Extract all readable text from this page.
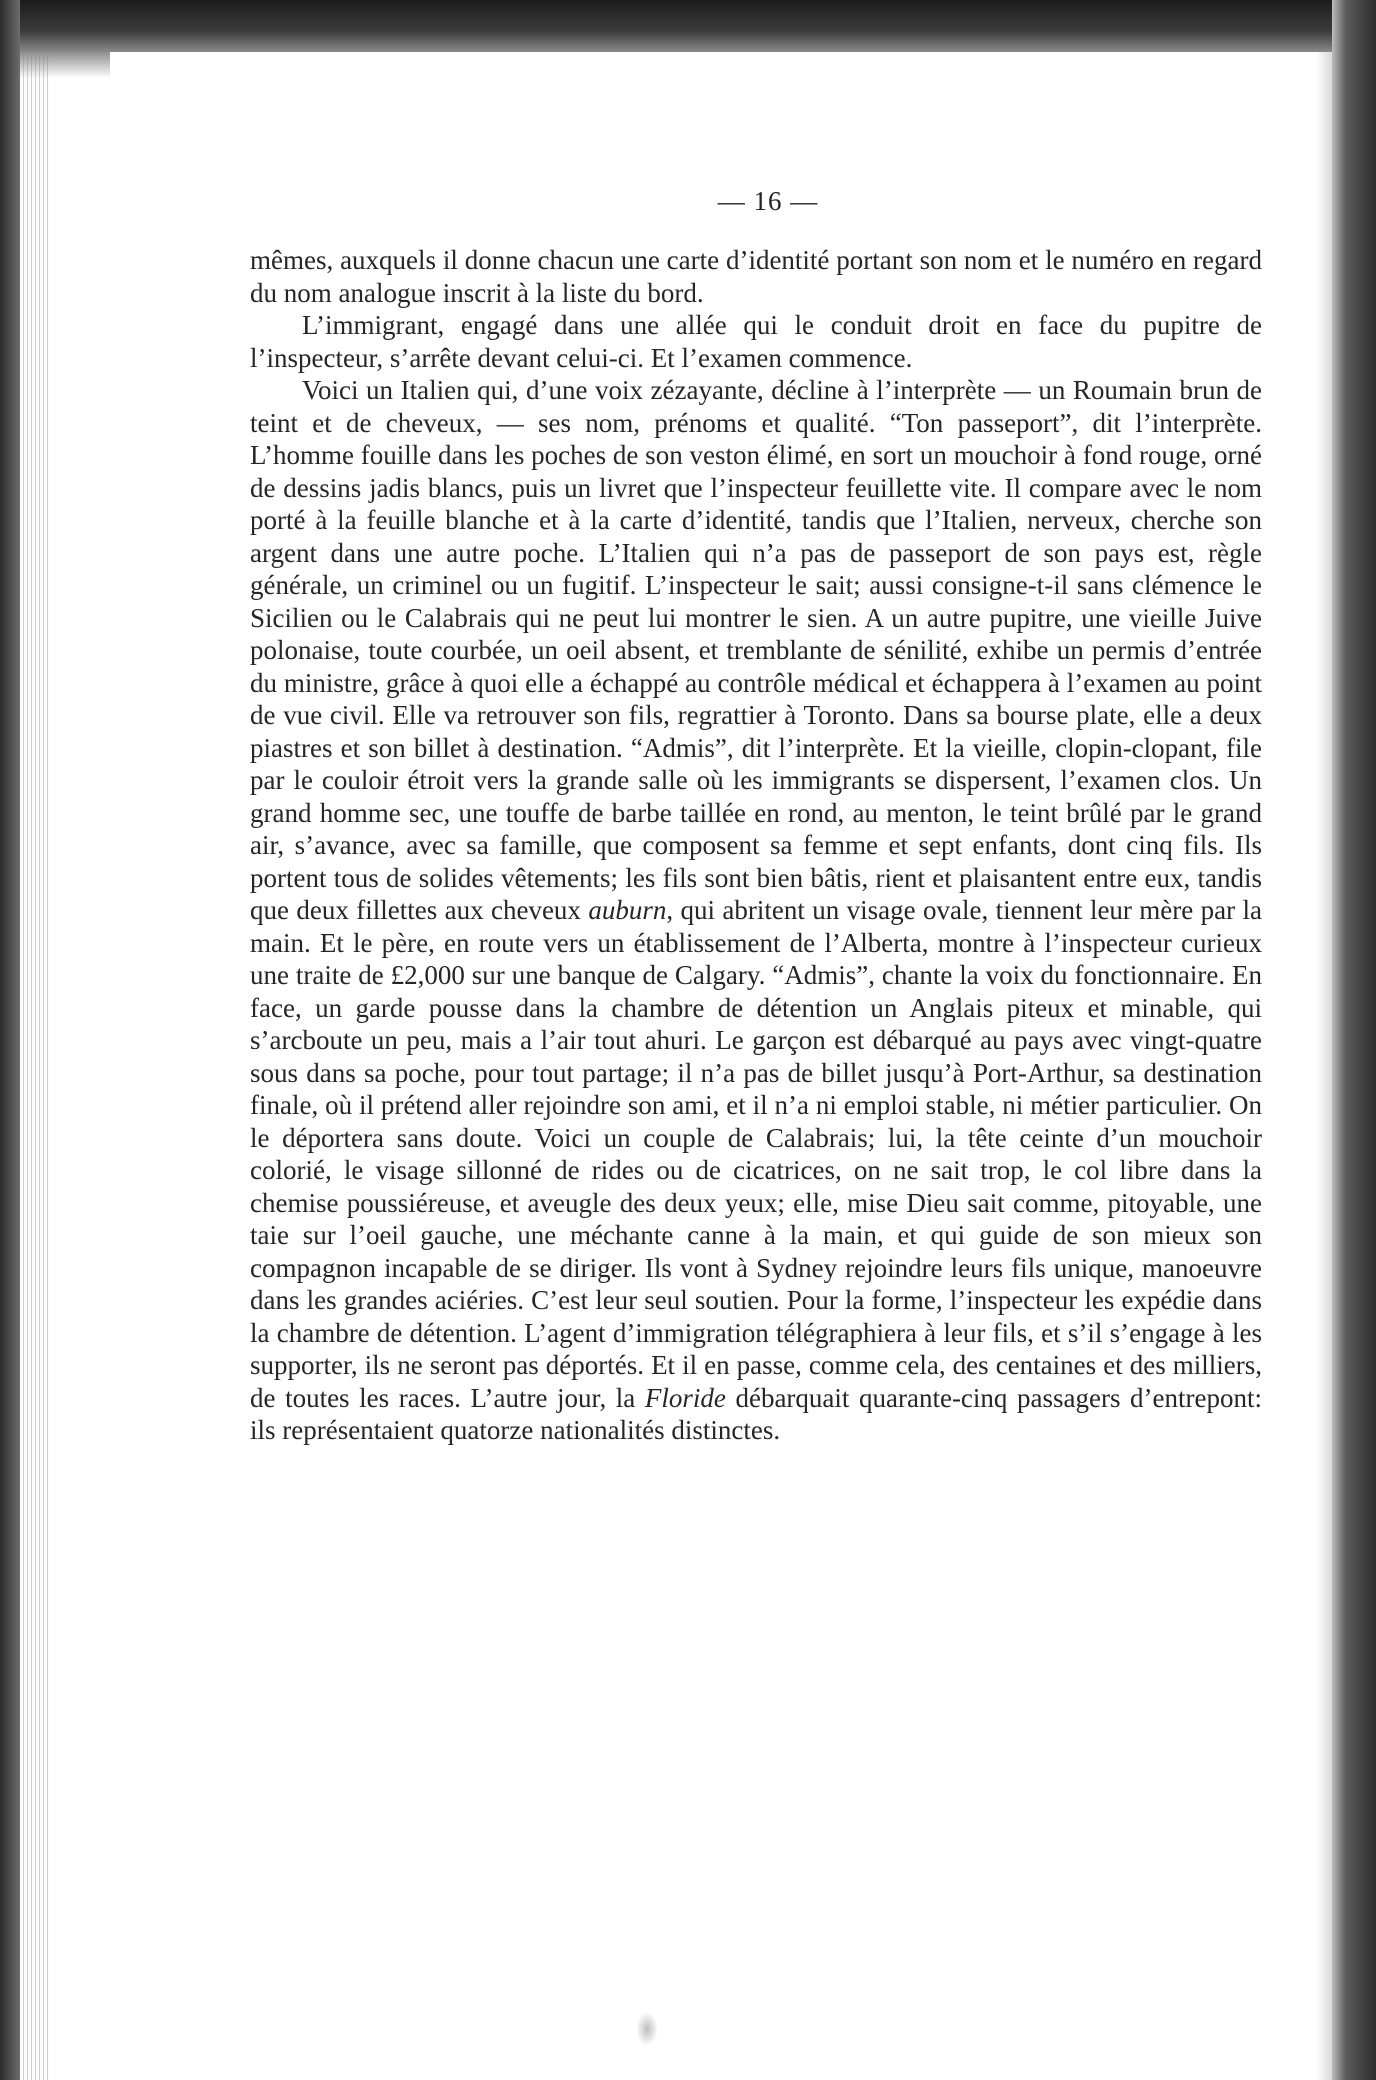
— 16 —

mêmes, auxquels il donne chacun une carte d’identité portant son nom et le numéro en regard du nom analogue inscrit à la liste du bord.

L’immigrant, engagé dans une allée qui le conduit droit en face du pupitre de l’inspecteur, s’arrête devant celui-ci. Et l’examen commence.

Voici un Italien qui, d’une voix zézayante, décline à l’interprète — un Roumain brun de teint et de cheveux, — ses nom, prénoms et qualité. “Ton passeport”, dit l’interprète. L’homme fouille dans les poches de son veston élimé, en sort un mouchoir à fond rouge, orné de dessins jadis blancs, puis un livret que l’inspecteur feuillette vite. Il compare avec le nom porté à la feuille blanche et à la carte d’identité, tandis que l’Italien, nerveux, cherche son argent dans une autre poche. L’Italien qui n’a pas de passeport de son pays est, règle générale, un criminel ou un fugitif. L’inspecteur le sait; aussi consigne-t-il sans clémence le Sicilien ou le Calabrais qui ne peut lui montrer le sien. A un autre pupitre, une vieille Juive polonaise, toute courbée, un oeil absent, et tremblante de sénilité, exhibe un permis d’entrée du ministre, grâce à quoi elle a échappé au contrôle médical et échappera à l’examen au point de vue civil. Elle va retrouver son fils, regrattier à Toronto. Dans sa bourse plate, elle a deux piastres et son billet à destination. “Admis”, dit l’interprète. Et la vieille, clopin-clopant, file par le couloir étroit vers la grande salle où les immigrants se dispersent, l’examen clos. Un grand homme sec, une touffe de barbe taillée en rond, au menton, le teint brûlé par le grand air, s’avance, avec sa famille, que composent sa femme et sept enfants, dont cinq fils. Ils portent tous de solides vêtements; les fils sont bien bâtis, rient et plaisantent entre eux, tandis que deux fillettes aux cheveux auburn, qui abritent un visage ovale, tiennent leur mère par la main. Et le père, en route vers un établissement de l’Alberta, montre à l’inspecteur curieux une traite de £2,000 sur une banque de Calgary. “Admis”, chante la voix du fonctionnaire. En face, un garde pousse dans la chambre de détention un Anglais piteux et minable, qui s’arcboute un peu, mais a l’air tout ahuri. Le garçon est débarqué au pays avec vingt-quatre sous dans sa poche, pour tout partage; il n’a pas de billet jusqu’à Port-Arthur, sa destination finale, où il prétend aller rejoindre son ami, et il n’a ni emploi stable, ni métier particulier. On le déportera sans doute. Voici un couple de Calabrais; lui, la tête ceinte d’un mouchoir colorié, le visage sillonné de rides ou de cicatrices, on ne sait trop, le col libre dans la chemise poussiéreuse, et aveugle des deux yeux; elle, mise Dieu sait comme, pitoyable, une taie sur l’oeil gauche, une méchante canne à la main, et qui guide de son mieux son compagnon incapable de se diriger. Ils vont à Sydney rejoindre leurs fils unique, manoeuvre dans les grandes aciéries. C’est leur seul soutien. Pour la forme, l’inspecteur les expédie dans la chambre de détention. L’agent d’immigration télégraphiera à leur fils, et s’il s’engage à les supporter, ils ne seront pas déportés. Et il en passe, comme cela, des centaines et des milliers, de toutes les races. L’autre jour, la Floride débarquait quarante-cinq passagers d’entrepont: ils représentaient quatorze nationalités distinctes.
